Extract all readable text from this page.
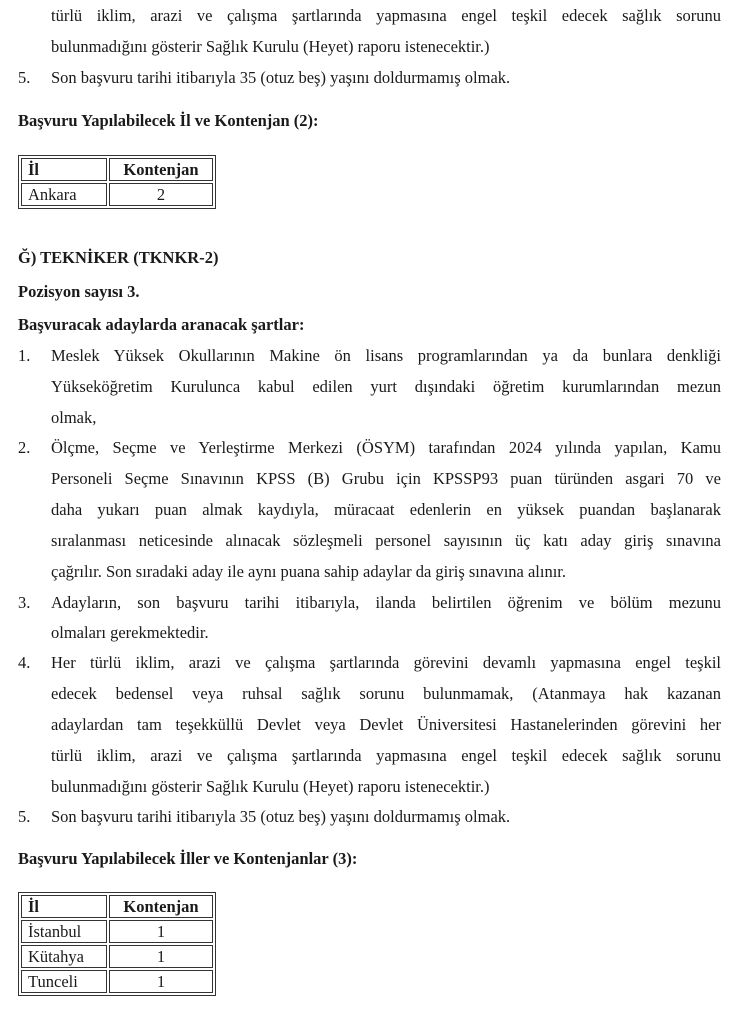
türlü iklim, arazi ve çalışma şartlarında yapmasına engel teşkil edecek sağlık sorunu
bulunmadığını gösterir Sağlık Kurulu (Heyet) raporu istenecektir.)
5. Son başvuru tarihi itibarıyla 35 (otuz beş) yaşını doldurmamış olmak.
Başvuru Yapılabilecek İl ve Kontenjan (2):
İl	Kontenjan
Ankara	2
Ğ) TEKNİKER (TKNKR-2)
Pozisyon sayısı 3.
Başvuracak adaylarda aranacak şartlar:
1. Meslek Yüksek Okullarının Makine ön lisans programlarından ya da bunlara denkliği
Yükseköğretim Kurulunca kabul edilen yurt dışındaki öğretim kurumlarından mezun
olmak,
2. Ölçme, Seçme ve Yerleştirme Merkezi (ÖSYM) tarafından 2024 yılında yapılan, Kamu
Personeli Seçme Sınavının KPSS (B) Grubu için KPSSP93 puan türünden asgari 70 ve
daha yukarı puan almak kaydıyla, müracaat edenlerin en yüksek puandan başlanarak
sıralanması neticesinde alınacak sözleşmeli personel sayısının üç katı aday giriş sınavına
çağrılır. Son sıradaki aday ile aynı puana sahip adaylar da giriş sınavına alınır.
3. Adayların, son başvuru tarihi itibarıyla, ilanda belirtilen öğrenim ve bölüm mezunu
olmaları gerekmektedir.
4. Her türlü iklim, arazi ve çalışma şartlarında görevini devamlı yapmasına engel teşkil
edecek bedensel veya ruhsal sağlık sorunu bulunmamak, (Atanmaya hak kazanan
adaylardan tam teşekküllü Devlet veya Devlet Üniversitesi Hastanelerinden görevini her
türlü iklim, arazi ve çalışma şartlarında yapmasına engel teşkil edecek sağlık sorunu
bulunmadığını gösterir Sağlık Kurulu (Heyet) raporu istenecektir.)
5. Son başvuru tarihi itibarıyla 35 (otuz beş) yaşını doldurmamış olmak.
Başvuru Yapılabilecek İller ve Kontenjanlar (3):
İl	Kontenjan
İstanbul	1
Kütahya	1
Tunceli	1
